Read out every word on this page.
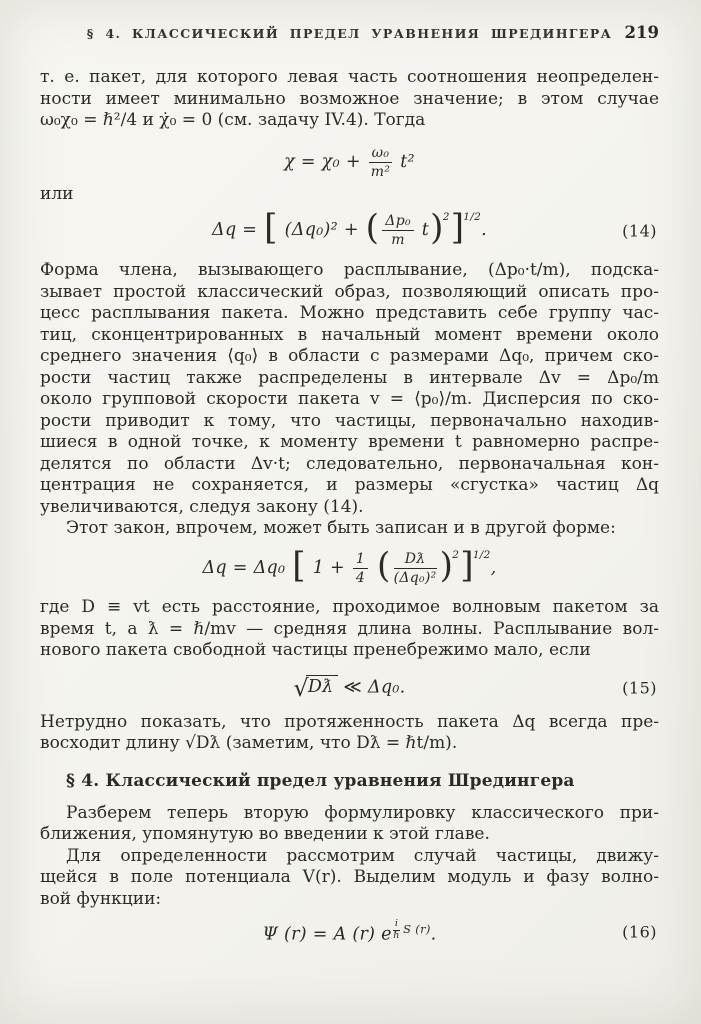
§ 4. КЛАССИЧЕСКИЙ ПРЕДЕЛ УРАВНЕНИЯ ШРЕДИНГЕРА 219
т. е. пакет, для которого левая часть соотношения неопределен-
ности имеет минимально возможное значение; в этом случае
ω₀χ₀ = ℏ²/4 и χ̇₀ = 0 (см. задачу IV.4). Тогда
$\chi = \chi_0 + \frac{\text{ω₀}}{\text{m²}} t^2$
или
Δq = [ (Δq₀)² + ( $\frac{\text{Δp₀}}{m} t)^2]^{1/2}$.	(14)
Форма члена, вызывающего расплывание, (Δp₀·t/m), подска-
зывает простой классический образ, позволяющий описать про-
цесс расплывания пакета. Можно представить себе группу час-
тиц, сконцентрированных в начальный момент времени около
среднего значения ⟨q₀⟩ в области с размерами Δq₀, причем ско-
рости частиц также распределены в интервале Δv = Δp₀/m
около групповой скорости пакета v = ⟨p₀⟩/m. Дисперсия по ско-
рости приводит к тому, что частицы, первоначально находив-
шиеся в одной точке, к моменту времени t равномерно распре-
делятся по области Δv·t; следовательно, первоначальная кон-
центрация не сохраняется, и размеры «сгустка» частиц Δq
увеличиваются, следуя закону (14).
Этот закон, впрочем, может быть записан и в другой форме:
Δq = Δq₀ [ $1 + \frac{1}{4}$ ( $\frac{Dƛ}{\text{(Δq₀)²}} )^2]^{1/2}$,
где D ≡ vt есть расстояние, проходимое волновым пакетом за
время t, а ƛ = ℏ/mv — средняя длина волны. Расплывание вол-
нового пакета свободной частицы пренебрежимо мало, если
√Dƛ ≪ Δq₀.	(15)
Нетрудно показать, что протяженность пакета Δq всегда пре-
восходит длину √Dƛ (заметим, что Dƛ = ℏt/m).
§ 4. Классический предел уравнения Шредингера
Разберем теперь вторую формулировку классического при-
ближения, упомянутую во введении к этой главе.
Для определенности рассмотрим случай частицы, движу-
щейся в поле потенциала V(r). Выделим модуль и фазу волно-
вой функции:
Ψ (r) = A (r) e
i
ℏ S (r).	(16)
